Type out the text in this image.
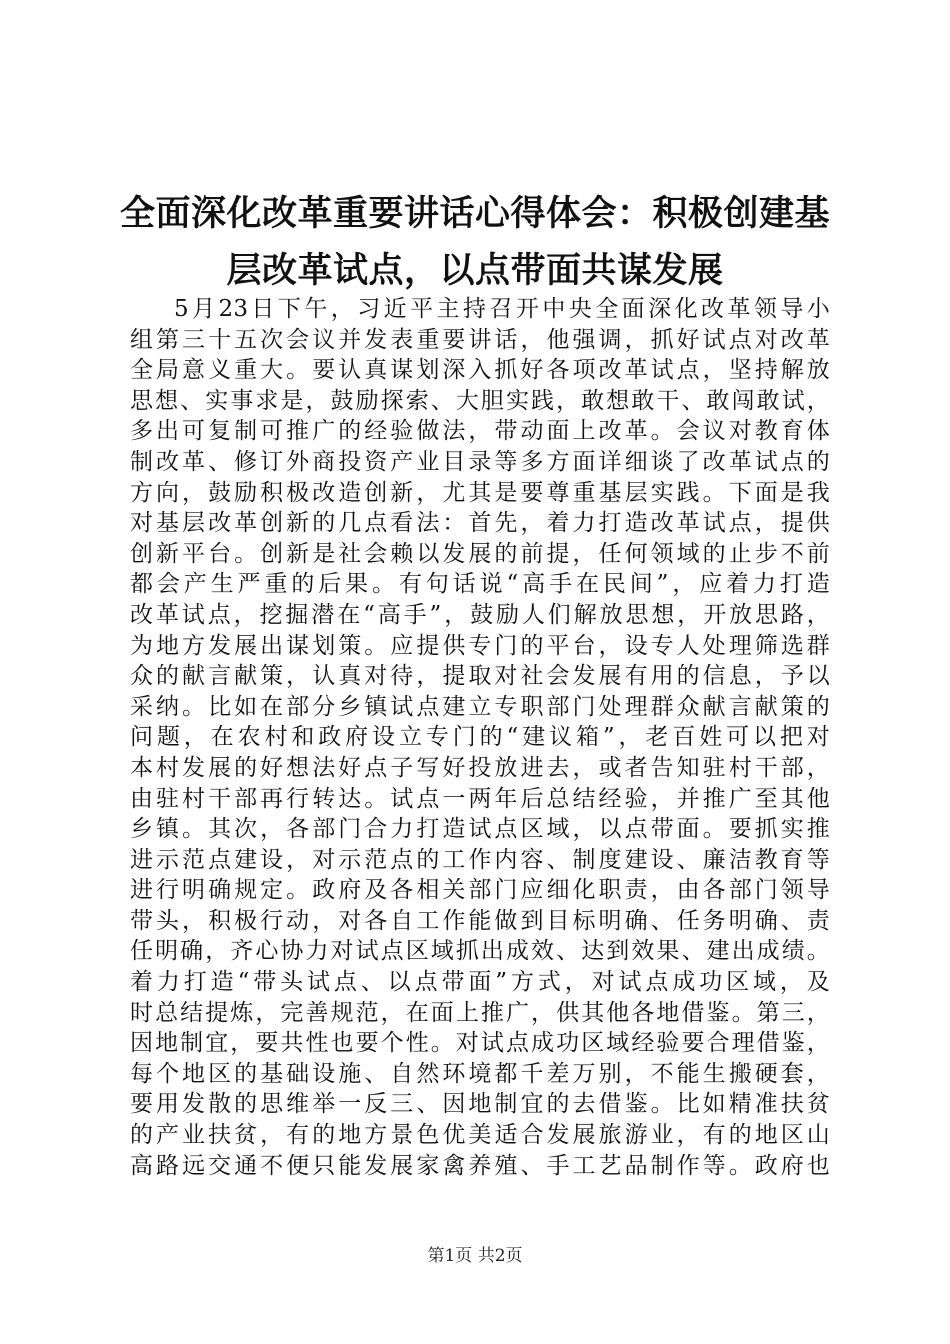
全面深化改革重要讲话心得体会：积极创建基
层改革试点，以点带面共谋发展
5月23日下午，习近平主持召开中央全面深化改革领导小
组第三十五次会议并发表重要讲话，他强调，抓好试点对改革
全局意义重大。要认真谋划深入抓好各项改革试点，坚持解放
思想、实事求是，鼓励探索、大胆实践，敢想敢干、敢闯敢试，
多出可复制可推广的经验做法，带动面上改革。会议对教育体
制改革、修订外商投资产业目录等多方面详细谈了改革试点的
方向，鼓励积极改造创新，尤其是要尊重基层实践。下面是我
对基层改革创新的几点看法：首先，着力打造改革试点，提供
创新平台。创新是社会赖以发展的前提，任何领域的止步不前
都会产生严重的后果。有句话说“高手在民间”，应着力打造
改革试点，挖掘潜在“高手”，鼓励人们解放思想，开放思路，
为地方发展出谋划策。应提供专门的平台，设专人处理筛选群
众的献言献策，认真对待，提取对社会发展有用的信息，予以
采纳。比如在部分乡镇试点建立专职部门处理群众献言献策的
问题，在农村和政府设立专门的“建议箱”，老百姓可以把对
本村发展的好想法好点子写好投放进去，或者告知驻村干部，
由驻村干部再行转达。试点一两年后总结经验，并推广至其他
乡镇。其次，各部门合力打造试点区域，以点带面。要抓实推
进示范点建设，对示范点的工作内容、制度建设、廉洁教育等
进行明确规定。政府及各相关部门应细化职责，由各部门领导
带头，积极行动，对各自工作能做到目标明确、任务明确、责
任明确，齐心协力对试点区域抓出成效、达到效果、建出成绩。
着力打造“带头试点、以点带面”方式，对试点成功区域，及
时总结提炼，完善规范，在面上推广，供其他各地借鉴。第三，
因地制宜，要共性也要个性。对试点成功区域经验要合理借鉴，
每个地区的基础设施、自然环境都千差万别，不能生搬硬套，
要用发散的思维举一反三、因地制宜的去借鉴。比如精准扶贫
的产业扶贫，有的地方景色优美适合发展旅游业，有的地区山
高路远交通不便只能发展家禽养殖、手工艺品制作等。政府也
第1页 共2页
